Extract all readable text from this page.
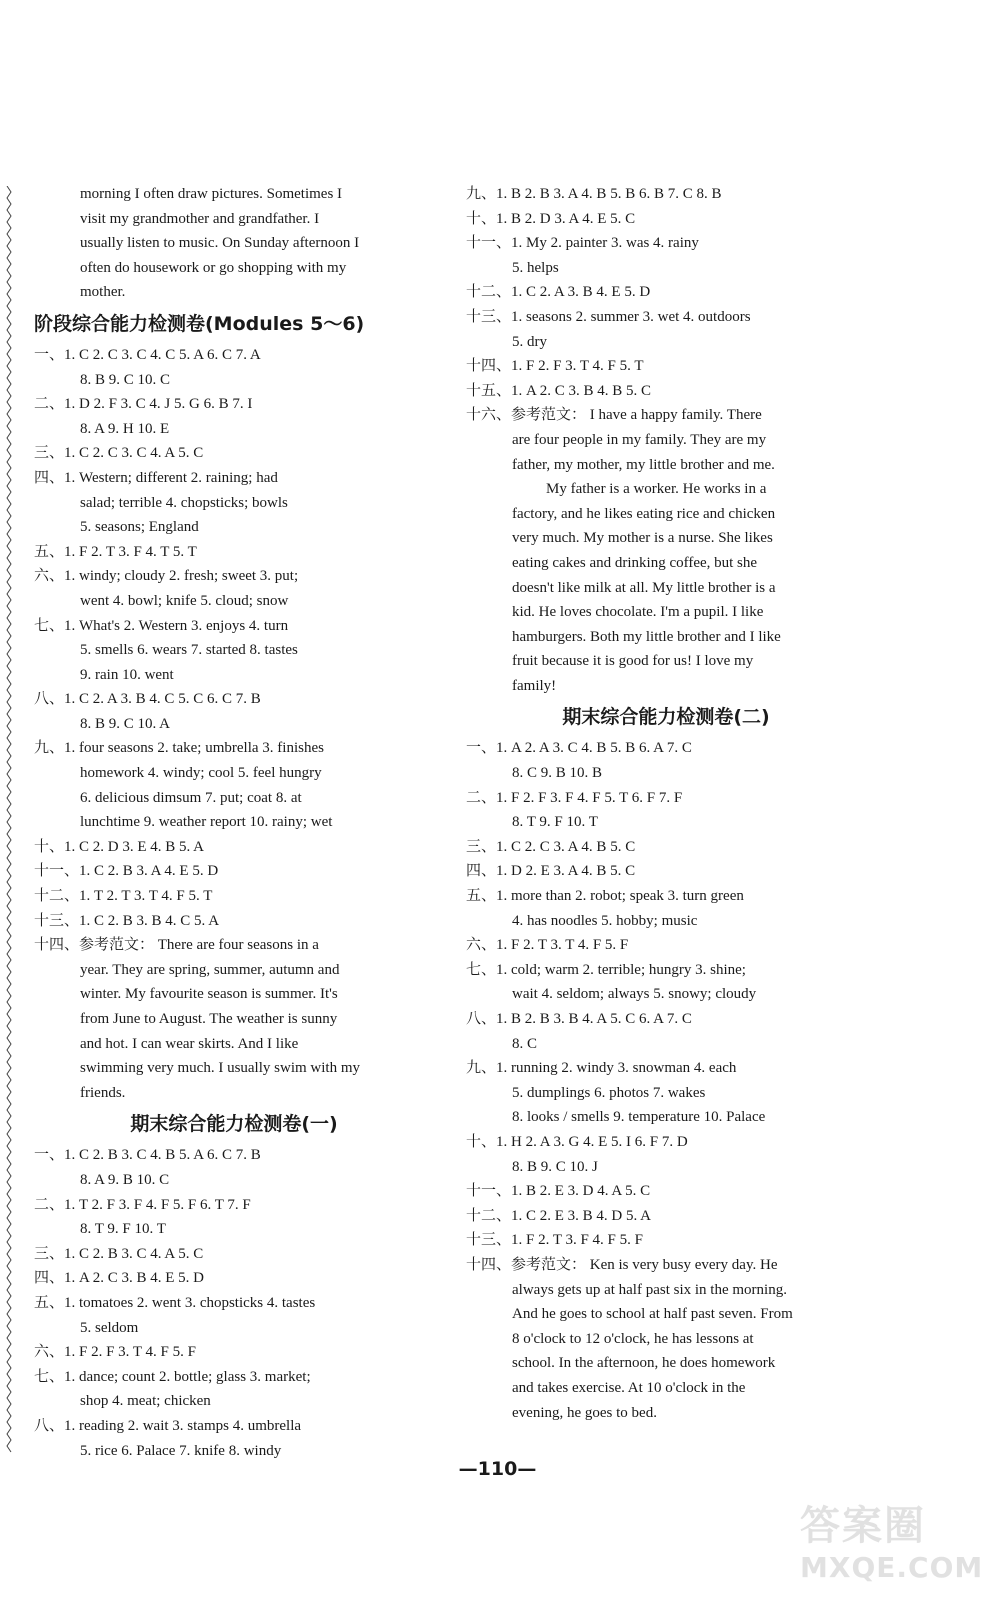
morning I often draw pictures. Sometimes I
visit my grandmother and grandfather. I
usually listen to music. On Sunday afternoon I
often do housework or go shopping with my
mother.
阶段综合能力检测卷(Modules 5～6)
一、1. C 2. C 3. C 4. C 5. A 6. C 7. A
8. B 9. C 10. C
二、1. D 2. F 3. C 4. J 5. G 6. B 7. I
8. A 9. H 10. E
三、1. C 2. C 3. C 4. A 5. C
四、1. Western; different 2. raining; had
salad; terrible 4. chopsticks; bowls
5. seasons; England
五、1. F 2. T 3. F 4. T 5. T
六、1. windy; cloudy 2. fresh; sweet 3. put;
went 4. bowl; knife 5. cloud; snow
七、1. What's 2. Western 3. enjoys 4. turn
5. smells 6. wears 7. started 8. tastes
9. rain 10. went
八、1. C 2. A 3. B 4. C 5. C 6. C 7. B
8. B 9. C 10. A
九、1. four seasons 2. take; umbrella 3. finishes
homework 4. windy; cool 5. feel hungry
6. delicious dimsum 7. put; coat 8. at
lunchtime 9. weather report 10. rainy; wet
十、1. C 2. D 3. E 4. B 5. A
十一、1. C 2. B 3. A 4. E 5. D
十二、1. T 2. T 3. T 4. F 5. T
十三、1. C 2. B 3. B 4. C 5. A
十四、参考范文： There are four seasons in a
year. They are spring, summer, autumn and
winter. My favourite season is summer. It's
from June to August. The weather is sunny
and hot. I can wear skirts. And I like
swimming very much. I usually swim with my
friends.
期末综合能力检测卷(一)
一、1. C 2. B 3. C 4. B 5. A 6. C 7. B
8. A 9. B 10. C
二、1. T 2. F 3. F 4. F 5. F 6. T 7. F
8. T 9. F 10. T
三、1. C 2. B 3. C 4. A 5. C
四、1. A 2. C 3. B 4. E 5. D
五、1. tomatoes 2. went 3. chopsticks 4. tastes
5. seldom
六、1. F 2. F 3. T 4. F 5. F
七、1. dance; count 2. bottle; glass 3. market;
shop 4. meat; chicken
八、1. reading 2. wait 3. stamps 4. umbrella
5. rice 6. Palace 7. knife 8. windy
九、1. B 2. B 3. A 4. B 5. B 6. B 7. C 8. B
十、1. B 2. D 3. A 4. E 5. C
十一、1. My 2. painter 3. was 4. rainy
5. helps
十二、1. C 2. A 3. B 4. E 5. D
十三、1. seasons 2. summer 3. wet 4. outdoors
5. dry
十四、1. F 2. F 3. T 4. F 5. T
十五、1. A 2. C 3. B 4. B 5. C
十六、参考范文： I have a happy family. There
are four people in my family. They are my
father, my mother, my little brother and me.
My father is a worker. He works in a
factory, and he likes eating rice and chicken
very much. My mother is a nurse. She likes
eating cakes and drinking coffee, but she
doesn't like milk at all. My little brother is a
kid. He loves chocolate. I'm a pupil. I like
hamburgers. Both my little brother and I like
fruit because it is good for us! I love my
family!
期末综合能力检测卷(二)
一、1. A 2. A 3. C 4. B 5. B 6. A 7. C
8. C 9. B 10. B
二、1. F 2. F 3. F 4. F 5. T 6. F 7. F
8. T 9. F 10. T
三、1. C 2. C 3. A 4. B 5. C
四、1. D 2. E 3. A 4. B 5. C
五、1. more than 2. robot; speak 3. turn green
4. has noodles 5. hobby; music
六、1. F 2. T 3. T 4. F 5. F
七、1. cold; warm 2. terrible; hungry 3. shine;
wait 4. seldom; always 5. snowy; cloudy
八、1. B 2. B 3. B 4. A 5. C 6. A 7. C
8. C
九、1. running 2. windy 3. snowman 4. each
5. dumplings 6. photos 7. wakes
8. looks / smells 9. temperature 10. Palace
十、1. H 2. A 3. G 4. E 5. I 6. F 7. D
8. B 9. C 10. J
十一、1. B 2. E 3. D 4. A 5. C
十二、1. C 2. E 3. B 4. D 5. A
十三、1. F 2. T 3. F 4. F 5. F
十四、参考范文： Ken is very busy every day. He
always gets up at half past six in the morning.
And he goes to school at half past seven. From
8 o'clock to 12 o'clock, he has lessons at
school. In the afternoon, he does homework
and takes exercise. At 10 o'clock in the
evening, he goes to bed.
—110—
答案圈
MXQE.COM
